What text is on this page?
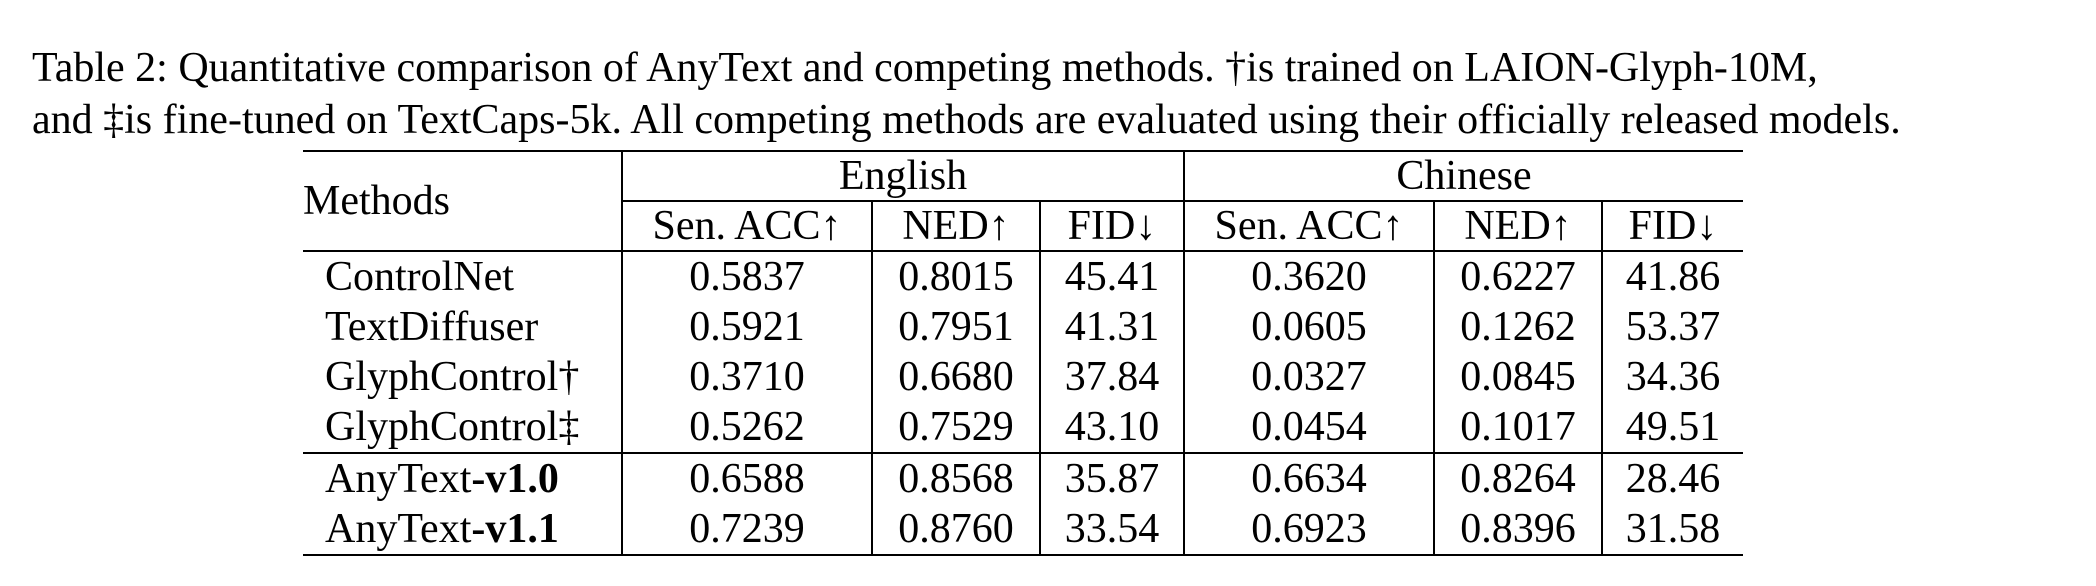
Table 2: Quantitative comparison of AnyText and competing methods. †is trained on LAION-Glyph-10M,
and ‡is fine-tuned on TextCaps-5k. All competing methods are evaluated using their officially released models.
Methods	English			Chinese		
	Sen. ACC↑	NED↑	FID↓	Sen. ACC↑	NED↑	FID↓
ControlNet	0.5837	0.8015	45.41	0.3620	0.6227	41.86
TextDiffuser	0.5921	0.7951	41.31	0.0605	0.1262	53.37
GlyphControl†	0.3710	0.6680	37.84	0.0327	0.0845	34.36
GlyphControl‡	0.5262	0.7529	43.10	0.0454	0.1017	49.51
AnyText-v1.0	0.6588	0.8568	35.87	0.6634	0.8264	28.46
AnyText-v1.1	0.7239	0.8760	33.54	0.6923	0.8396	31.58
